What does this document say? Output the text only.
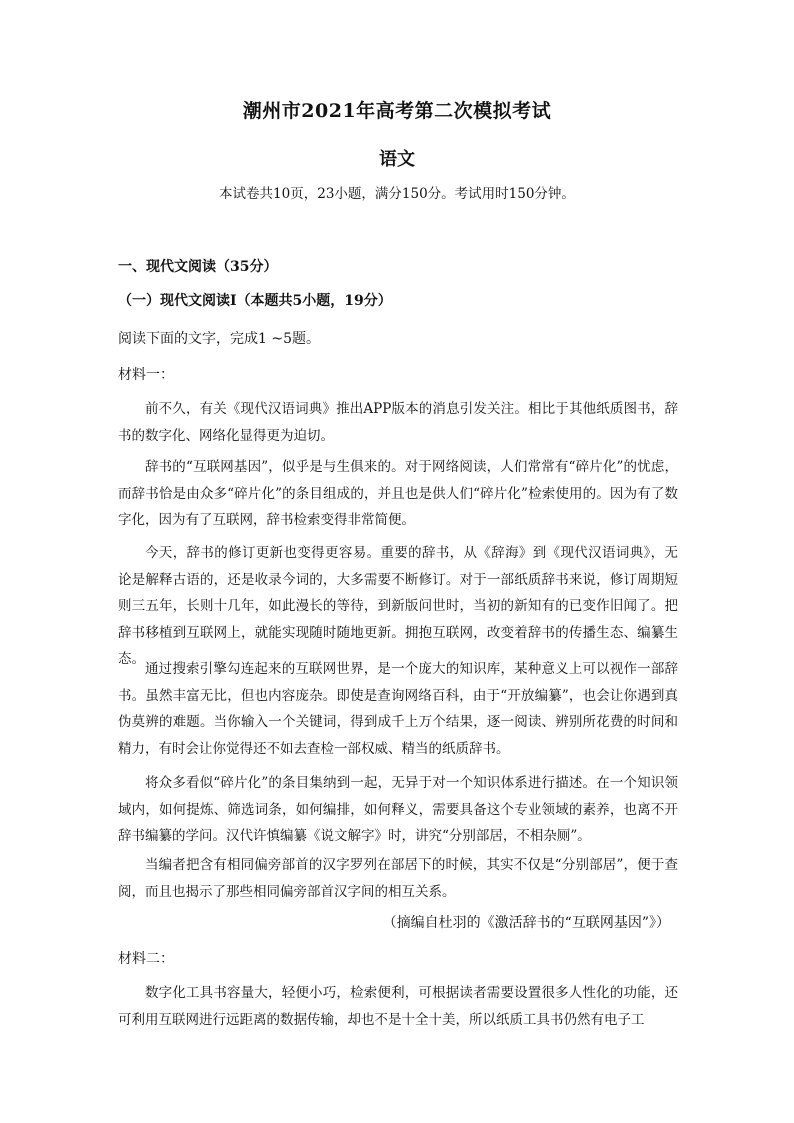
潮州市2021年高考第二次模拟考试
语文
本试卷共10页，23小题，满分150分。考试用时150分钟。
一、现代文阅读（35分）
（一）现代文阅读Ⅰ（本题共5小题，19分）
阅读下面的文字，完成1 ~5题。
材料一：

前不久，有关《现代汉语词典》推出APP版本的消息引发关注。相比于其他纸质图书，辞书的数字化、网络化显得更为迫切。

辞书的“互联网基因”，似乎是与生俱来的。对于网络阅读，人们常常有“碎片化”的忧虑，而辞书恰是由众多“碎片化”的条目组成的，并且也是供人们“碎片化”检索使用的。因为有了数字化，因为有了互联网，辞书检索变得非常简便。

今天，辞书的修订更新也变得更容易。重要的辞书，从《辞海》到《现代汉语词典》，无论是解释古语的，还是收录今词的，大多需要不断修订。对于一部纸质辞书来说，修订周期短则三五年，长则十几年，如此漫长的等待，到新版问世时，当初的新知有的已变作旧闻了。把辞书移植到互联网上，就能实现随时随地更新。拥抱互联网，改变着辞书的传播生态、编纂生态。

通过搜索引擎勾连起来的互联网世界，是一个庞大的知识库，某种意义上可以视作一部辞书。虽然丰富无比，但也内容庞杂。即使是查询网络百科，由于“开放编纂”，也会让你遇到真伪莫辨的难题。当你输入一个关键词，得到成千上万个结果，逐一阅读、辨别所花费的时间和精力，有时会让你觉得还不如去查检一部权威、精当的纸质辞书。

将众多看似“碎片化”的条目集纳到一起，无异于对一个知识体系进行描述。在一个知识领域内，如何提炼、筛选词条，如何编排，如何释义，需要具备这个专业领域的素养，也离不开辞书编纂的学问。汉代许慎编纂《说文解字》时，讲究“分别部居，不相杂厕”。

当编者把含有相同偏旁部首的汉字罗列在部居下的时候，其实不仅是“分别部居”，便于查阅，而且也揭示了那些相同偏旁部首汉字间的相互关系。

（摘编自杜羽的《激活辞书的“互联网基因”》）
材料二：

数字化工具书容量大，轻便小巧，检索便利，可根据读者需要设置很多人性化的功能，还可利用互联网进行远距离的数据传输，却也不是十全十美，所以纸质工具书仍然有电子工
